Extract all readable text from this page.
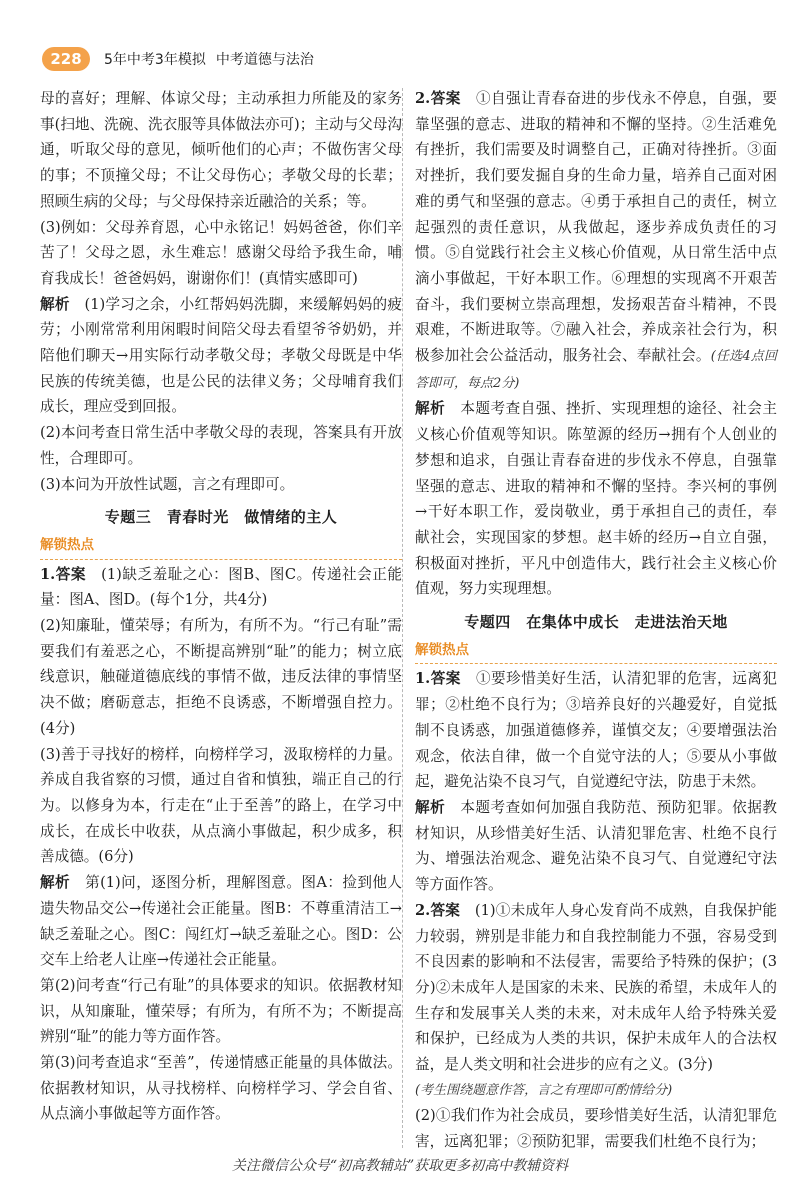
228	5年中考3年模拟 中考道德与法治

母的喜好；理解、体谅父母；主动承担力所能及的家务事(扫地、洗碗、洗衣服等具体做法亦可)；主动与父母沟通，听取父母的意见，倾听他们的心声；不做伤害父母的事；不顶撞父母；不让父母伤心；孝敬父母的长辈；照顾生病的父母；与父母保持亲近融洽的关系；等。

(3)例如：父母养育恩，心中永铭记！妈妈爸爸，你们辛苦了！父母之恩，永生难忘！感谢父母给予我生命，哺育我成长！爸爸妈妈，谢谢你们！(真情实感即可)

解析　(1)学习之余，小红帮妈妈洗脚，来缓解妈妈的疲劳；小刚常常利用闲暇时间陪父母去看望爷爷奶奶，并陪他们聊天→用实际行动孝敬父母；孝敬父母既是中华民族的传统美德，也是公民的法律义务；父母哺育我们成长，理应受到回报。

(2)本问考查日常生活中孝敬父母的表现，答案具有开放性，合理即可。

(3)本问为开放性试题，言之有理即可。

专题三　青春时光　做情绪的主人
解锁热点

1.答案　(1)缺乏羞耻之心：图B、图C。传递社会正能量：图A、图D。(每个1分，共4分)

(2)知廉耻，懂荣辱；有所为，有所不为。“行己有耻”需要我们有羞恶之心，不断提高辨别“耻”的能力；树立底线意识，触碰道德底线的事情不做，违反法律的事情坚决不做；磨砺意志，拒绝不良诱惑，不断增强自控力。(4分)

(3)善于寻找好的榜样，向榜样学习，汲取榜样的力量。养成自我省察的习惯，通过自省和慎独，端正自己的行为。以修身为本，行走在“止于至善”的路上，在学习中成长，在成长中收获，从点滴小事做起，积少成多，积善成德。(6分)

解析　第(1)问，逐图分析，理解图意。图A：捡到他人遗失物品交公→传递社会正能量。图B：不尊重清洁工→缺乏羞耻之心。图C：闯红灯→缺乏羞耻之心。图D：公交车上给老人让座→传递社会正能量。

第(2)问考查“行己有耻”的具体要求的知识。依据教材知识，从知廉耻，懂荣辱；有所为，有所不为；不断提高辨别“耻”的能力等方面作答。

第(3)问考查追求“至善”，传递情感正能量的具体做法。依据教材知识，从寻找榜样、向榜样学习、学会自省、从点滴小事做起等方面作答。

2.答案　①自强让青春奋进的步伐永不停息，自强，要靠坚强的意志、进取的精神和不懈的坚持。②生活难免有挫折，我们需要及时调整自己，正确对待挫折。③面对挫折，我们要发掘自身的生命力量，培养自己面对困难的勇气和坚强的意志。④勇于承担自己的责任，树立起强烈的责任意识，从我做起，逐步养成负责任的习惯。⑤自觉践行社会主义核心价值观，从日常生活中点滴小事做起，干好本职工作。⑥理想的实现离不开艰苦奋斗，我们要树立崇高理想，发扬艰苦奋斗精神，不畏艰难，不断进取等。⑦融入社会，养成亲社会行为，积极参加社会公益活动，服务社会、奉献社会。(任选4点回答即可，每点2分)

解析　本题考查自强、挫折、实现理想的途径、社会主义核心价值观等知识。陈堃源的经历→拥有个人创业的梦想和追求，自强让青春奋进的步伐永不停息，自强靠坚强的意志、进取的精神和不懈的坚持。李兴柯的事例→干好本职工作，爱岗敬业，勇于承担自己的责任，奉献社会，实现国家的梦想。赵丰娇的经历→自立自强，积极面对挫折，平凡中创造伟大，践行社会主义核心价值观，努力实现理想。

专题四　在集体中成长　走进法治天地
解锁热点

1.答案　①要珍惜美好生活，认清犯罪的危害，远离犯罪；②杜绝不良行为；③培养良好的兴趣爱好，自觉抵制不良诱惑，加强道德修养，谨慎交友；④要增强法治观念，依法自律，做一个自觉守法的人；⑤要从小事做起，避免沾染不良习气，自觉遵纪守法，防患于未然。

解析　本题考查如何加强自我防范、预防犯罪。依据教材知识，从珍惜美好生活、认清犯罪危害、杜绝不良行为、增强法治观念、避免沾染不良习气、自觉遵纪守法等方面作答。

2.答案　(1)①未成年人身心发育尚不成熟，自我保护能力较弱，辨别是非能力和自我控制能力不强，容易受到不良因素的影响和不法侵害，需要给予特殊的保护；(3分)②未成年人是国家的未来、民族的希望，未成年人的生存和发展事关人类的未来，对未成年人给予特殊关爱和保护，已经成为人类的共识，保护未成年人的合法权益，是人类文明和社会进步的应有之义。(3分)

(考生围绕题意作答，言之有理即可酌情给分)

(2)①我们作为社会成员，要珍惜美好生活，认清犯罪危害，远离犯罪；②预防犯罪，需要我们杜绝不良行为；

关注微信公众号“初高教辅站”获取更多初高中教辅资料
